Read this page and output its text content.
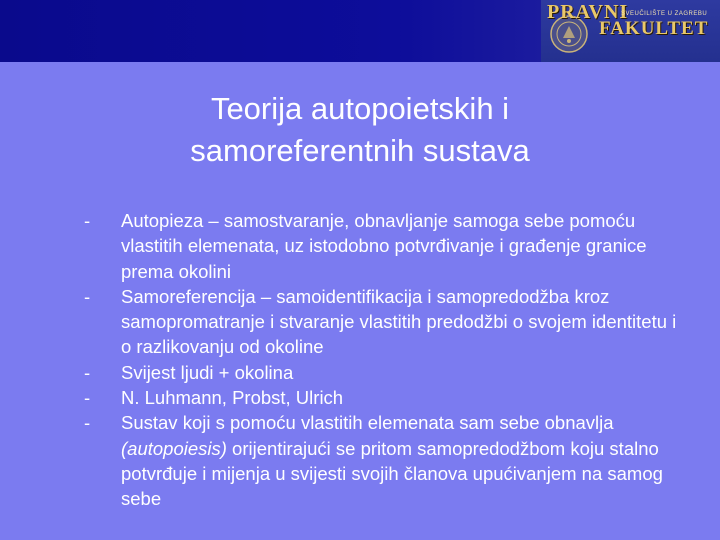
PRAVNI
SVEUČILIŠTE U ZAGREBU
FAKULTET
Teorija autopoietskih i
samoreferentnih sustava
- Autopieza – samostvaranje, obnavljanje samoga sebe pomoću vlastitih elemenata, uz istodobno potvrđivanje i građenje granice prema okolini
- Samoreferencija – samoidentifikacija i samopredodžba kroz samopromatranje i stvaranje vlastitih predodžbi o svojem identitetu i o razlikovanju od okoline
- Svijest ljudi + okolina
- N. Luhmann, Probst, Ulrich
- Sustav koji s pomoću vlastitih elemenata sam sebe obnavlja (autopoiesis) orijentirajući se pritom samopredodžbom koju stalno potvrđuje i mijenja u svijesti svojih članova upućivanjem na samog sebe
